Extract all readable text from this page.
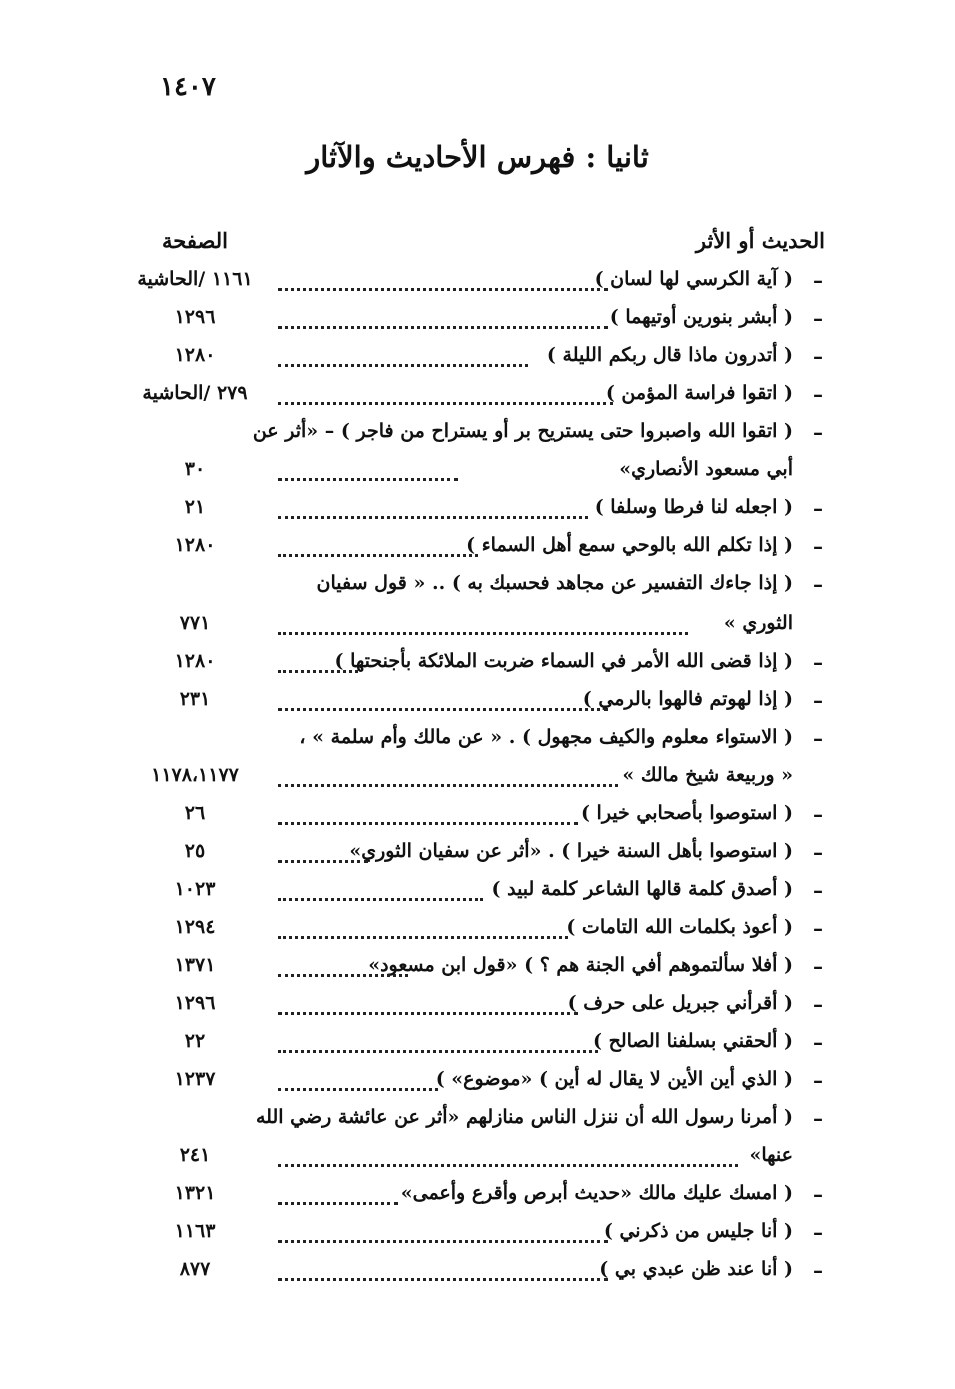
١٤٠٧
ثانيا : فهرس الأحاديث والآثار
الحديث أو الأثر
الصفحة
–
( آية الكرسي لها لسان )
١١٦١ /الحاشية
–
( أبشر بنورين أوتيهما )
١٢٩٦
–
( أتدرون ماذا قال ربكم الليلة )
١٢٨٠
–
( اتقوا فراسة المؤمن )
٢٧٩ /الحاشية
–
( اتقوا الله واصبروا حتى يستريح بر أو يستراح من فاجر ) – «أثر عن
أبي مسعود الأنصاري»
٣٠
–
( اجعله لنا فرطا وسلفا )
٢١
–
( إذا تكلم الله بالوحي سمع أهل السماء )
١٢٨٠
–
( إذا جاءك التفسير عن مجاهد فحسبك به ) .. « قول سفيان
الثوري »
٧٧١
–
( إذا قضى الله الأمر في السماء ضربت الملائكة بأجنحتها )
١٢٨٠
–
( إذا لهوتم فالهوا بالرمي )
٢٣١
–
( الاستواء معلوم والكيف مجهول ) . « عن مالك وأم سلمة » ،
« وربيعة شيخ مالك »
١١٧٨،١١٧٧
–
( استوصوا بأصحابي خيرا )
٢٦
–
( استوصوا بأهل السنة خيرا ) . «أثر عن سفيان الثوري»
٢٥
–
( أصدق كلمة قالها الشاعر كلمة لبيد )
١٠٢٣
–
( أعوذ بكلمات الله التامات )
١٢٩٤
–
( أفلا سألتموهم أفي الجنة هم ؟ ) «قول ابن مسعود»
١٣٧١
–
( أقرأني جبريل على حرف )
١٢٩٦
–
( ألحقني بسلفنا الصالح )
٢٢
–
( الذي أين الأين لا يقال له أين ) «موضوع» )
١٢٣٧
–
( أمرنا رسول الله أن ننزل الناس منازلهم «أثر عن عائشة رضي الله
عنها»
٢٤١
–
( امسك عليك مالك «حديث أبرص وأقرع وأعمى»
١٣٢١
–
( أنا جليس من ذكرني )
١١٦٣
–
( أنا عند ظن عبدي بي )
٨٧٧
